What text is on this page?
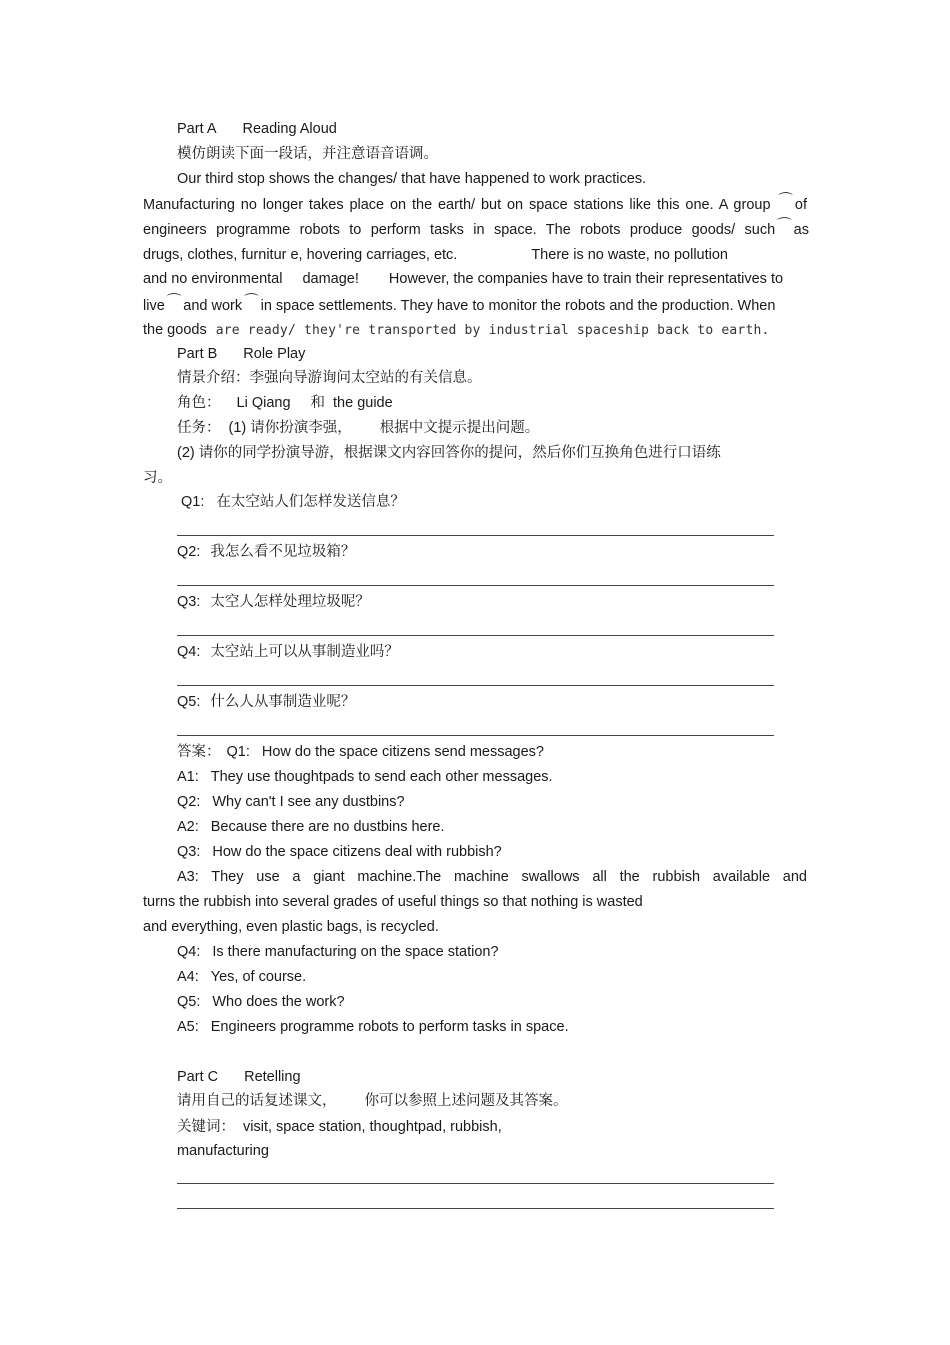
Part A Reading Aloud
模仿朗读下面一段话，并注意语音语调。
Our third stop shows the changes/ that have happened to work practices.
Manufacturing no longer takes place on the earth/ but on space stations like this one. A group ⌒ of
engineers programme robots to perform tasks in space. The robots produce goods/ such ⌒ as
drugs, clothes, furnitur e, hovering carriages, etc.	There is no waste, no pollution
and no environmental damage! However, the companies have to train their representatives to
live ⌒ and work ⌒ in space settlements. They have to monitor the robots and the production. When
the goods are ready/ they're transported by industrial spaceship back to earth.
Part B Role Play
情景介绍：李强向导游询问太空站的有关信息。
角色： Li Qiang 和 the guide
任务： (1) 请你扮演李强， 根据中文提示提出问题。
(2) 请你的同学扮演导游，根据课文内容回答你的提问，然后你们互换角色进行口语练
习。
Q1: 在太空站人们怎样发送信息？
Q2: 我怎么看不见垃圾箱？
Q3: 太空人怎样处理垃圾呢？
Q4: 太空站上可以从事制造业吗？
Q5: 什么人从事制造业呢？
答案： Q1: How do the space citizens send messages?
A1: They use thoughtpads to send each other messages.
Q2: Why can't I see any dustbins?
A2: Because there are no dustbins here.
Q3: How do the space citizens deal with rubbish?
A3: They use a giant machine.The machine swallows all the rubbish available and
turns the rubbish into several grades of useful things so that nothing is wasted
and everything, even plastic bags, is recycled.
Q4: Is there manufacturing on the space station?
A4: Yes, of course.
Q5: Who does the work?
A5: Engineers programme robots to perform tasks in space.
Part C Retelling
请用自己的话复述课文， 你可以参照上述问题及其答案。
关键词： visit, space station, thoughtpad, rubbish,
manufacturing
